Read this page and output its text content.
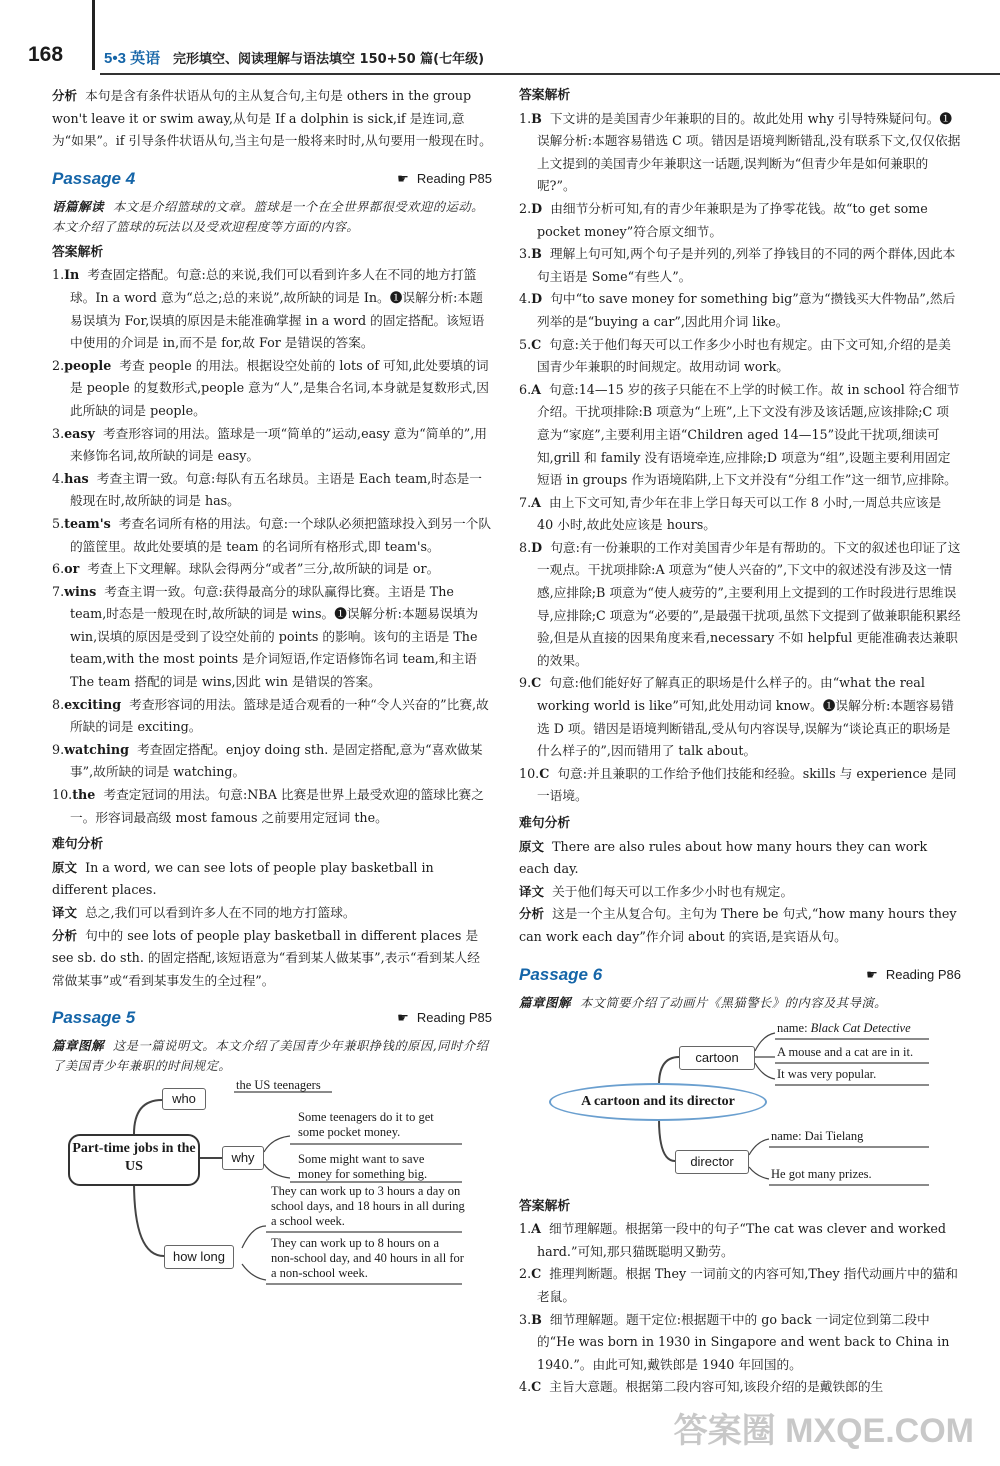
168	5•3 英语 完形填空、阅读理解与语法填空 150+50 篇(七年级)

分析 本句是含有条件状语从句的主从复合句,主句是 others in the group won't leave it or swim away,从句是 If a dolphin is sick,if 是连词,意为“如果”。if 引导条件状语从句,当主句是一般将来时时,从句要用一般现在时。

Passage 4	☛ Reading P85

语篇解读 本文是介绍篮球的文章。篮球是一个在全世界都很受欢迎的运动。本文介绍了篮球的玩法以及受欢迎程度等方面的内容。

答案解析

1.In 考查固定搭配。句意:总的来说,我们可以看到许多人在不同的地方打篮球。In a word 意为“总之;总的来说”,故所缺的词是 In。❶误解分析:本题易误填为 For,误填的原因是未能准确掌握 in a word 的固定搭配。该短语中使用的介词是 in,而不是 for,故 For 是错误的答案。

2.people 考查 people 的用法。根据设空处前的 lots of 可知,此处要填的词是 people 的复数形式,people 意为“人”,是集合名词,本身就是复数形式,因此所缺的词是 people。

3.easy 考查形容词的用法。篮球是一项“简单的”运动,easy 意为“简单的”,用来修饰名词,故所缺的词是 easy。

4.has 考查主谓一致。句意:每队有五名球员。主语是 Each team,时态是一般现在时,故所缺的词是 has。

5.team's 考查名词所有格的用法。句意:一个球队必须把篮球投入到另一个队的篮筐里。故此处要填的是 team 的名词所有格形式,即 team's。

6.or 考查上下文理解。球队会得两分“或者”三分,故所缺的词是 or。

7.wins 考查主谓一致。句意:获得最高分的球队赢得比赛。主语是 The team,时态是一般现在时,故所缺的词是 wins。❶误解分析:本题易误填为 win,误填的原因是受到了设空处前的 points 的影响。该句的主语是 The team,with the most points 是介词短语,作定语修饰名词 team,和主语 The team 搭配的词是 wins,因此 win 是错误的答案。

8.exciting 考查形容词的用法。篮球是适合观看的一种“令人兴奋的”比赛,故所缺的词是 exciting。

9.watching 考查固定搭配。enjoy doing sth. 是固定搭配,意为“喜欢做某事”,故所缺的词是 watching。

10.the 考查定冠词的用法。句意:NBA 比赛是世界上最受欢迎的篮球比赛之一。形容词最高级 most famous 之前要用定冠词 the。

难句分析

原文 In a word, we can see lots of people play basketball in different places.

译文 总之,我们可以看到许多人在不同的地方打篮球。

分析 句中的 see lots of people play basketball in different places 是 see sb. do sth. 的固定搭配,该短语意为“看到某人做某事”,表示“看到某人经常做某事”或“看到某事发生的全过程”。

Passage 5	☛ Reading P85

篇章图解 这是一篇说明文。本文介绍了美国青少年兼职挣钱的原因,同时介绍了美国青少年兼职的时间规定。

Part-time jobs in the US
who
the US teenagers
why
Some teenagers do it to get some pocket money.
Some might want to save money for something big.
how long
They can work up to 3 hours a day on school days, and 18 hours in all during a school week.
They can work up to 8 hours on a non-school day, and 40 hours in all for a non-school week.

答案解析

1.B 下文讲的是美国青少年兼职的目的。故此处用 why 引导特殊疑问句。❶误解分析:本题容易错选 C 项。错因是语境判断错乱,没有联系下文,仅仅依据上文提到的美国青少年兼职这一话题,误判断为“但青少年是如何兼职的呢?”。

2.D 由细节分析可知,有的青少年兼职是为了挣零花钱。故“to get some pocket money”符合原文细节。

3.B 理解上句可知,两个句子是并列的,列举了挣钱目的不同的两个群体,因此本句主语是 Some“有些人”。

4.D 句中“to save money for something big”意为“攒钱买大件物品”,然后列举的是“buying a car”,因此用介词 like。

5.C 句意:关于他们每天可以工作多少小时也有规定。由下文可知,介绍的是美国青少年兼职的时间规定。故用动词 work。

6.A 句意:14—15 岁的孩子只能在不上学的时候工作。故 in school 符合细节介绍。干扰项排除:B 项意为“上班”,上下文没有涉及该话题,应该排除;C 项意为“家庭”,主要利用主语“Children aged 14—15”设此干扰项,细读可知,grill 和 family 没有语境牵连,应排除;D 项意为“组”,设题主要利用固定短语 in groups 作为语境陷阱,上下文并没有“分组工作”这一细节,应排除。

7.A 由上下文可知,青少年在非上学日每天可以工作 8 小时,一周总共应该是 40 小时,故此处应该是 hours。

8.D 句意:有一份兼职的工作对美国青少年是有帮助的。下文的叙述也印证了这一观点。干扰项排除:A 项意为“使人兴奋的”,下文中的叙述没有涉及这一情感,应排除;B 项意为“使人疲劳的”,主要利用上文提到的工作时段进行思维误导,应排除;C 项意为“必要的”,是最强干扰项,虽然下文提到了做兼职能积累经验,但是从直接的因果角度来看,necessary 不如 helpful 更能准确表达兼职的效果。

9.C 句意:他们能好好了解真正的职场是什么样子的。由“what the real working world is like”可知,此处用动词 know。❶误解分析:本题容易错选 D 项。错因是语境判断错乱,受从句内容误导,误解为“谈论真正的职场是什么样子的”,因而错用了 talk about。

10.C 句意:并且兼职的工作给予他们技能和经验。skills 与 experience 是同一语境。

难句分析

原文 There are also rules about how many hours they can work each day.

译文 关于他们每天可以工作多少小时也有规定。

分析 这是一个主从复合句。主句为 There be 句式,“how many hours they can work each day”作介词 about 的宾语,是宾语从句。

Passage 6	☛ Reading P86

篇章图解 本文简要介绍了动画片《黑猫警长》的内容及其导演。

A cartoon and its director
cartoon
name: Black Cat Detective
A mouse and a cat are in it.
It was very popular.
director
name: Dai Tielang
He got many prizes.

答案解析

1.A 细节理解题。根据第一段中的句子“The cat was clever and worked hard.”可知,那只猫既聪明又勤劳。

2.C 推理判断题。根据 They 一词前文的内容可知,They 指代动画片中的猫和老鼠。

3.B 细节理解题。题干定位:根据题干中的 go back 一词定位到第二段中的“He was born in 1930 in Singapore and went back to China in 1940.”。由此可知,戴铁郎是 1940 年回国的。

4.C 主旨大意题。根据第二段内容可知,该段介绍的是戴铁郎的生

答案圈 MXQE.COM
